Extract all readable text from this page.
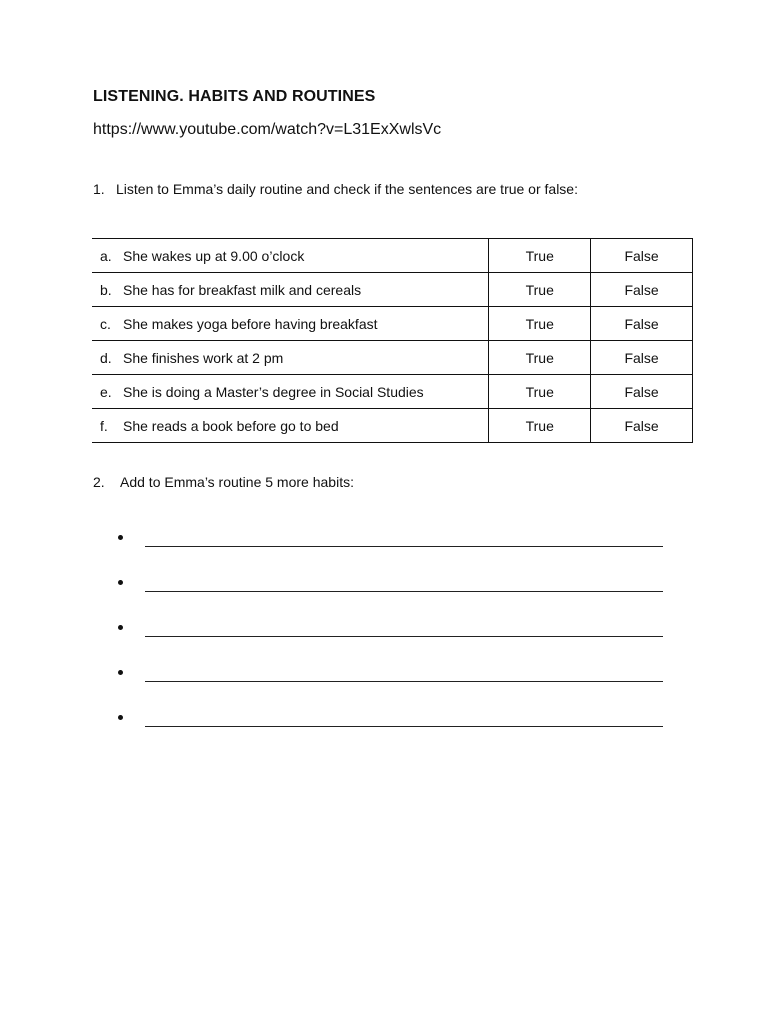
LISTENING. HABITS AND ROUTINES
https://www.youtube.com/watch?v=L31ExXwlsVc
1. Listen to Emma’s daily routine and check if the sentences are true or false:
a. She wakes up at 9.00 o’clock	True	False
b. She has for breakfast milk and cereals	True	False
c. She makes yoga before having breakfast	True	False
d. She finishes work at 2 pm	True	False
e. She is doing a Master’s degree in Social Studies	True	False
f. She reads a book before go to bed	True	False
2. Add to Emma’s routine 5 more habits:
